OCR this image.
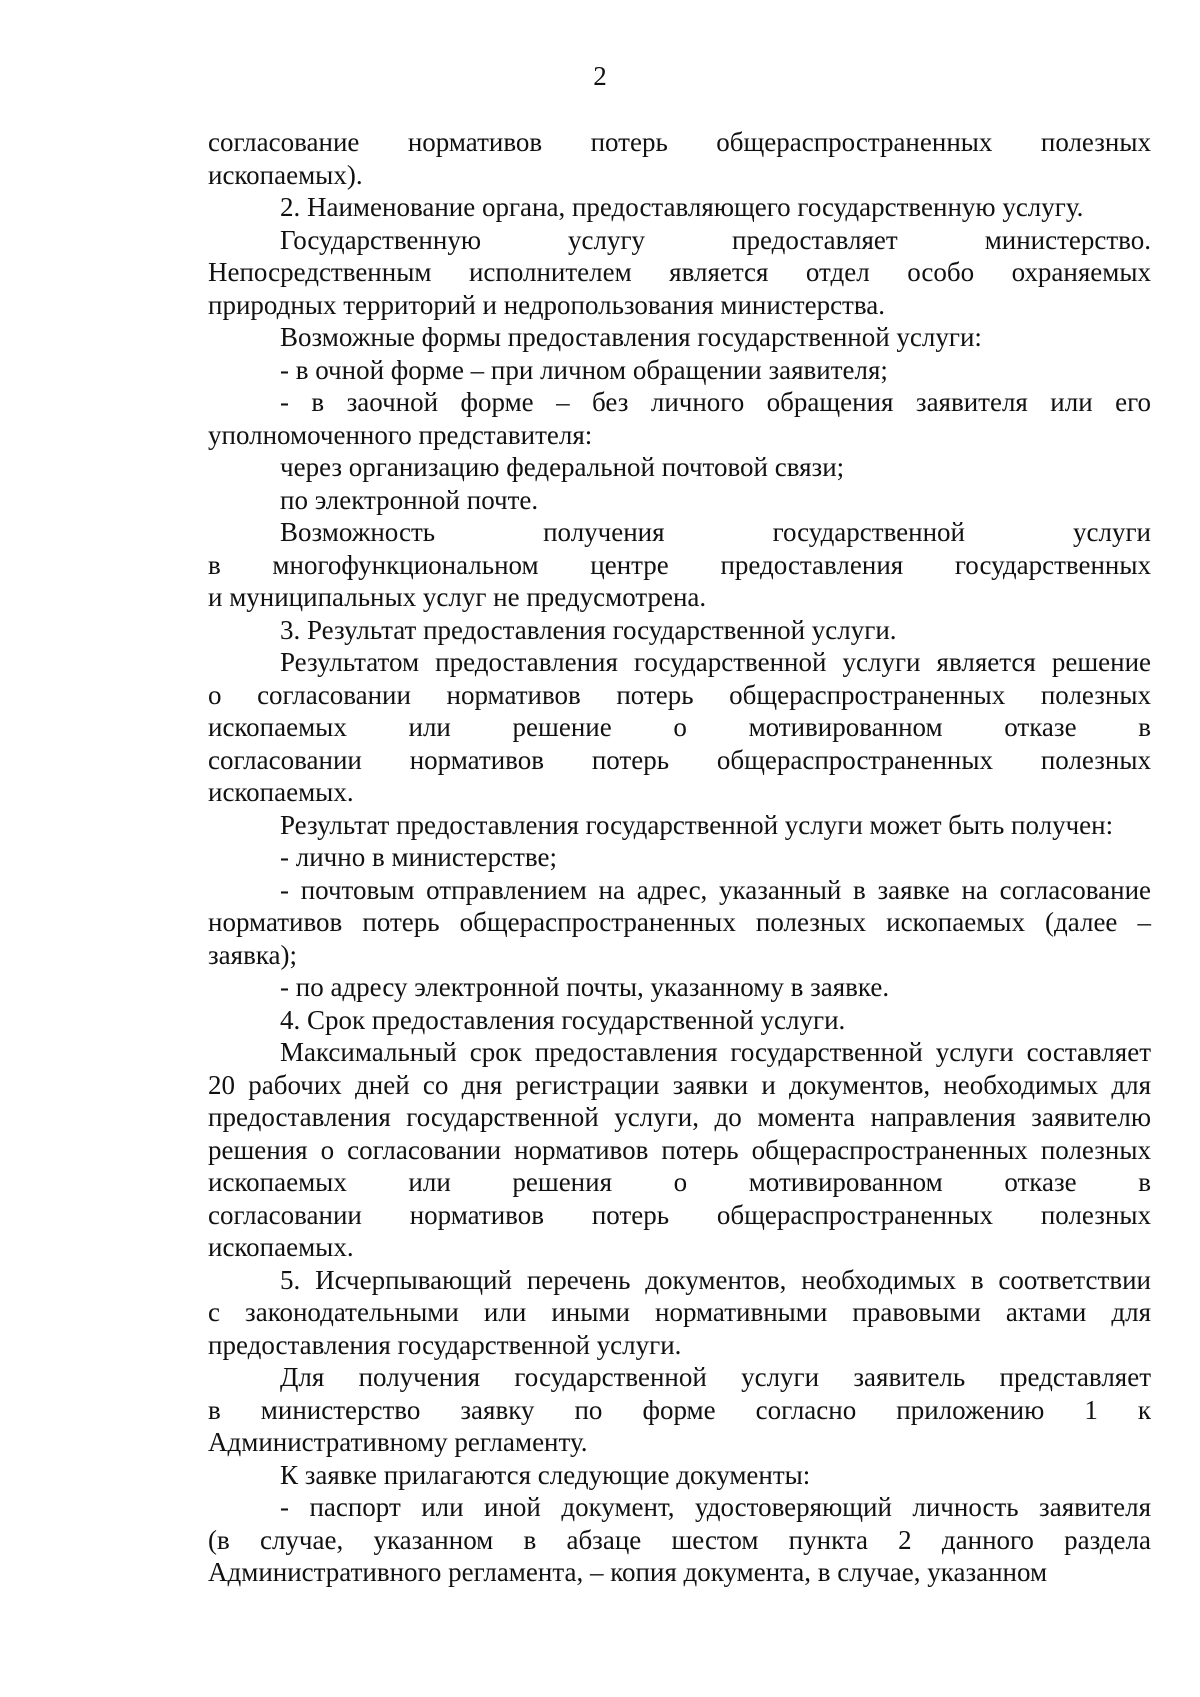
2
согласование нормативов потерь общераспространенных полезных
ископаемых).
2. Наименование органа, предоставляющего государственную услугу.
Государственную услугу предоставляет министерство.
Непосредственным исполнителем является отдел особо охраняемых
природных территорий и недропользования министерства.
Возможные формы предоставления государственной услуги:
- в очной форме – при личном обращении заявителя;
- в заочной форме – без личного обращения заявителя или его
уполномоченного представителя:
через организацию федеральной почтовой связи;
по электронной почте.
Возможность получения государственной услуги
в многофункциональном центре предоставления государственных
и муниципальных услуг не предусмотрена.
3. Результат предоставления государственной услуги.
Результатом предоставления государственной услуги является решение
о согласовании нормативов потерь общераспространенных полезных
ископаемых или решение о мотивированном отказе в
согласовании нормативов потерь общераспространенных полезных
ископаемых.
Результат предоставления государственной услуги может быть получен:
- лично в министерстве;
- почтовым отправлением на адрес, указанный в заявке на согласование
нормативов потерь общераспространенных полезных ископаемых (далее –
заявка);
- по адресу электронной почты, указанному в заявке.
4. Срок предоставления государственной услуги.
Максимальный срок предоставления государственной услуги составляет
20 рабочих дней со дня регистрации заявки и документов, необходимых для
предоставления государственной услуги, до момента направления заявителю
решения о согласовании нормативов потерь общераспространенных полезных
ископаемых или решения о мотивированном отказе в
согласовании нормативов потерь общераспространенных полезных
ископаемых.
5. Исчерпывающий перечень документов, необходимых в соответствии
с законодательными или иными нормативными правовыми актами для
предоставления государственной услуги.
Для получения государственной услуги заявитель представляет
в министерство заявку по форме согласно приложению 1 к
Административному регламенту.
К заявке прилагаются следующие документы:
- паспорт или иной документ, удостоверяющий личность заявителя
(в случае, указанном в абзаце шестом пункта 2 данного раздела
Административного регламента, – копия документа, в случае, указанном
